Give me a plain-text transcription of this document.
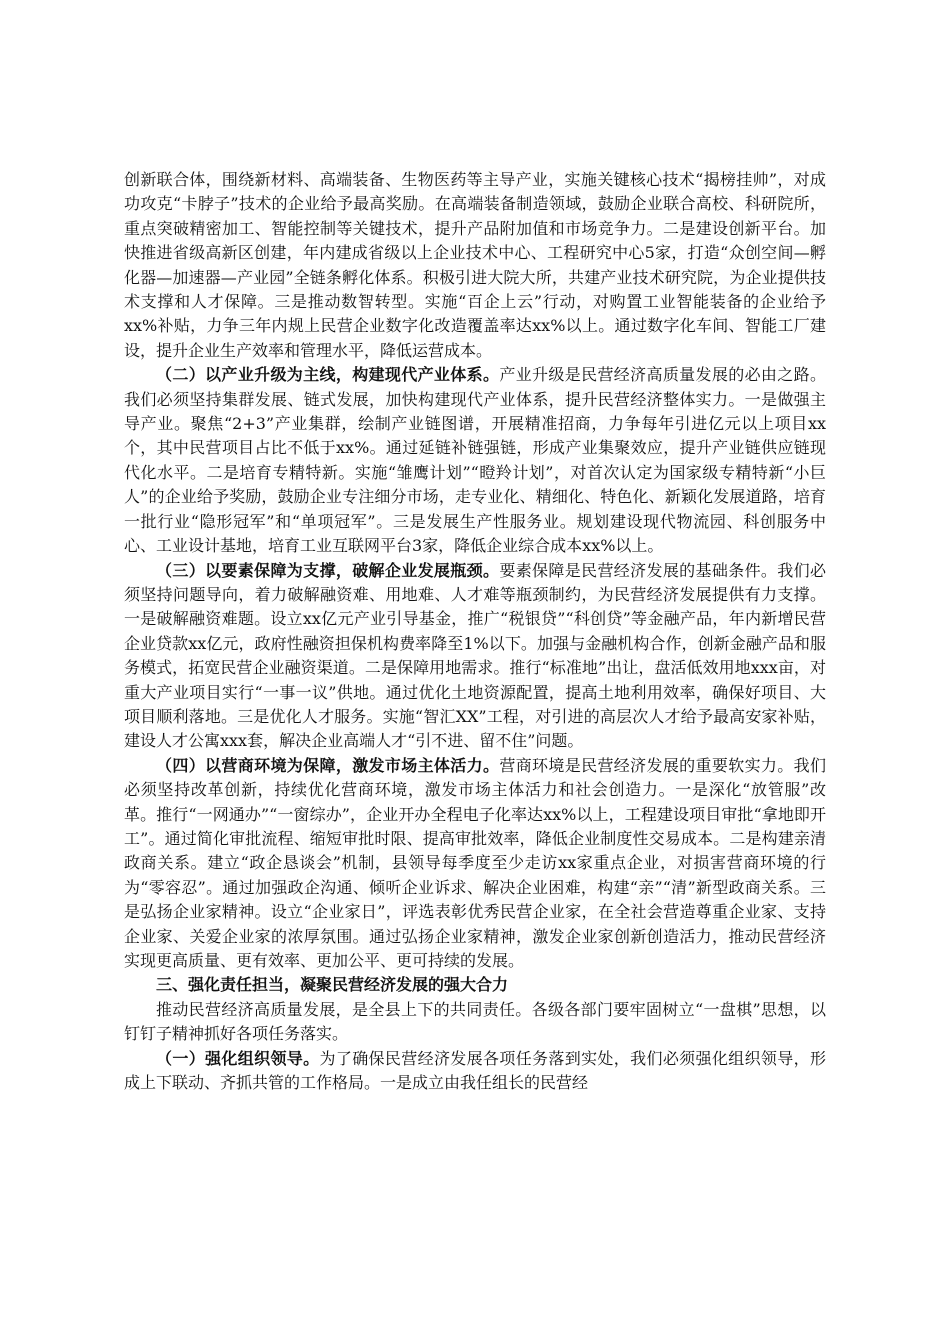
创新联合体，围绕新材料、高端装备、生物医药等主导产业，实施关键核心技术“揭榜挂帅”，对成功攻克“卡脖子”技术的企业给予最高奖励。在高端装备制造领域，鼓励企业联合高校、科研院所，重点突破精密加工、智能控制等关键技术，提升产品附加值和市场竞争力。二是建设创新平台。加快推进省级高新区创建，年内建成省级以上企业技术中心、工程研究中心5家，打造“众创空间—孵化器—加速器—产业园”全链条孵化体系。积极引进大院大所，共建产业技术研究院，为企业提供技术支撑和人才保障。三是推动数智转型。实施“百企上云”行动，对购置工业智能装备的企业给予xx%补贴，力争三年内规上民营企业数字化改造覆盖率达xx%以上。通过数字化车间、智能工厂建设，提升企业生产效率和管理水平，降低运营成本。

（二）以产业升级为主线，构建现代产业体系。产业升级是民营经济高质量发展的必由之路。我们必须坚持集群发展、链式发展，加快构建现代产业体系，提升民营经济整体实力。一是做强主导产业。聚焦“2+3”产业集群，绘制产业链图谱，开展精准招商，力争每年引进亿元以上项目xx个，其中民营项目占比不低于xx%。通过延链补链强链，形成产业集聚效应，提升产业链供应链现代化水平。二是培育专精特新。实施“雏鹰计划”“瞪羚计划”，对首次认定为国家级专精特新“小巨人”的企业给予奖励，鼓励企业专注细分市场，走专业化、精细化、特色化、新颖化发展道路，培育一批行业“隐形冠军”和“单项冠军”。三是发展生产性服务业。规划建设现代物流园、科创服务中心、工业设计基地，培育工业互联网平台3家，降低企业综合成本xx%以上。

（三）以要素保障为支撑，破解企业发展瓶颈。要素保障是民营经济发展的基础条件。我们必须坚持问题导向，着力破解融资难、用地难、人才难等瓶颈制约，为民营经济发展提供有力支撑。一是破解融资难题。设立xx亿元产业引导基金，推广“税银贷”“科创贷”等金融产品，年内新增民营企业贷款xx亿元，政府性融资担保机构费率降至1%以下。加强与金融机构合作，创新金融产品和服务模式，拓宽民营企业融资渠道。二是保障用地需求。推行“标准地”出让，盘活低效用地xxx亩，对重大产业项目实行“一事一议”供地。通过优化土地资源配置，提高土地利用效率，确保好项目、大项目顺利落地。三是优化人才服务。实施“智汇XX”工程，对引进的高层次人才给予最高安家补贴，建设人才公寓xxx套，解决企业高端人才“引不进、留不住”问题。

（四）以营商环境为保障，激发市场主体活力。营商环境是民营经济发展的重要软实力。我们必须坚持改革创新，持续优化营商环境，激发市场主体活力和社会创造力。一是深化“放管服”改革。推行“一网通办”“一窗综办”，企业开办全程电子化率达xx%以上，工程建设项目审批“拿地即开工”。通过简化审批流程、缩短审批时限、提高审批效率，降低企业制度性交易成本。二是构建亲清政商关系。建立“政企恳谈会”机制，县领导每季度至少走访xx家重点企业，对损害营商环境的行为“零容忍”。通过加强政企沟通、倾听企业诉求、解决企业困难，构建“亲”“清”新型政商关系。三是弘扬企业家精神。设立“企业家日”，评选表彰优秀民营企业家，在全社会营造尊重企业家、支持企业家、关爱企业家的浓厚氛围。通过弘扬企业家精神，激发企业家创新创造活力，推动民营经济实现更高质量、更有效率、更加公平、更可持续的发展。

三、强化责任担当，凝聚民营经济发展的强大合力

推动民营经济高质量发展，是全县上下的共同责任。各级各部门要牢固树立“一盘棋”思想，以钉钉子精神抓好各项任务落实。

（一）强化组织领导。为了确保民营经济发展各项任务落到实处，我们必须强化组织领导，形成上下联动、齐抓共管的工作格局。一是成立由我任组长的民营经
